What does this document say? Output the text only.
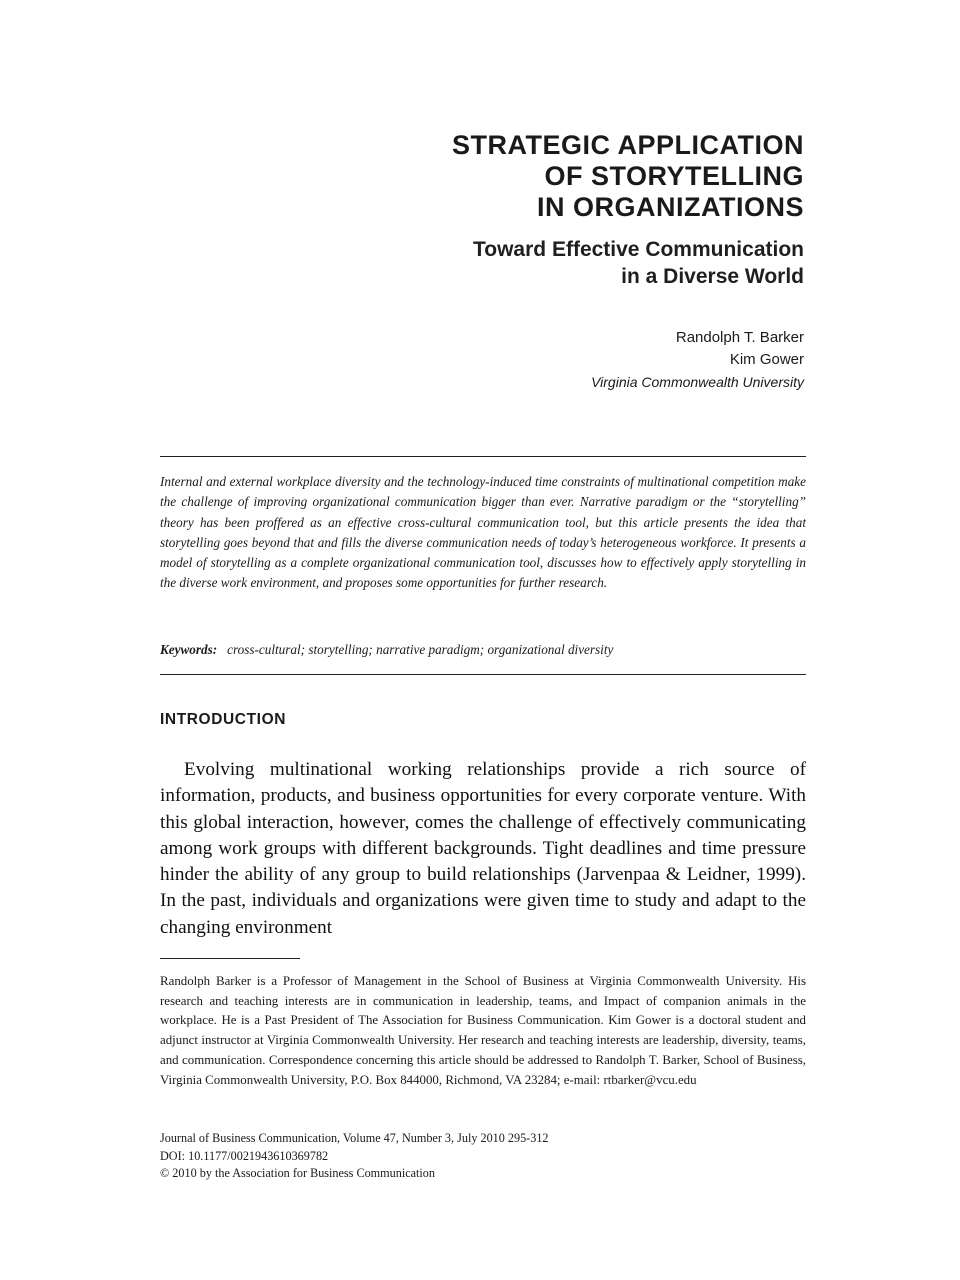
STRATEGIC APPLICATION
OF STORYTELLING
IN ORGANIZATIONS
Toward Effective Communication
in a Diverse World
Randolph T. Barker
Kim Gower
Virginia Commonwealth University

Internal and external workplace diversity and the technology-induced time constraints of multinational competition make the challenge of improving organizational communication bigger than ever. Narrative paradigm or the “storytelling” theory has been proffered as an effective cross-cultural communication tool, but this article presents the idea that storytelling goes beyond that and fills the diverse communication needs of today’s heterogeneous workforce. It presents a model of storytelling as a complete organizational communication tool, discusses how to effectively apply storytelling in the diverse work environment, and proposes some opportunities for further research.

Keywords: cross-cultural; storytelling; narrative paradigm; organizational diversity

INTRODUCTION

Evolving multinational working relationships provide a rich source of information, products, and business opportunities for every corporate venture. With this global interaction, however, comes the challenge of effectively communicating among work groups with different backgrounds. Tight deadlines and time pressure hinder the ability of any group to build relationships (Jarvenpaa & Leidner, 1999). In the past, individuals and organizations were given time to study and adapt to the changing environment

Randolph Barker is a Professor of Management in the School of Business at Virginia Commonwealth University. His research and teaching interests are in communication in leadership, teams, and Impact of companion animals in the workplace. He is a Past President of The Association for Business Communication. Kim Gower is a doctoral student and adjunct instructor at Virginia Commonwealth University. Her research and teaching interests are leadership, diversity, teams, and communication. Correspondence concerning this article should be addressed to Randolph T. Barker, School of Business, Virginia Commonwealth University, P.O. Box 844000, Richmond, VA 23284; e-mail: rtbarker@vcu.edu

Journal of Business Communication, Volume 47, Number 3, July 2010 295-312
DOI: 10.1177/0021943610369782
© 2010 by the Association for Business Communication
